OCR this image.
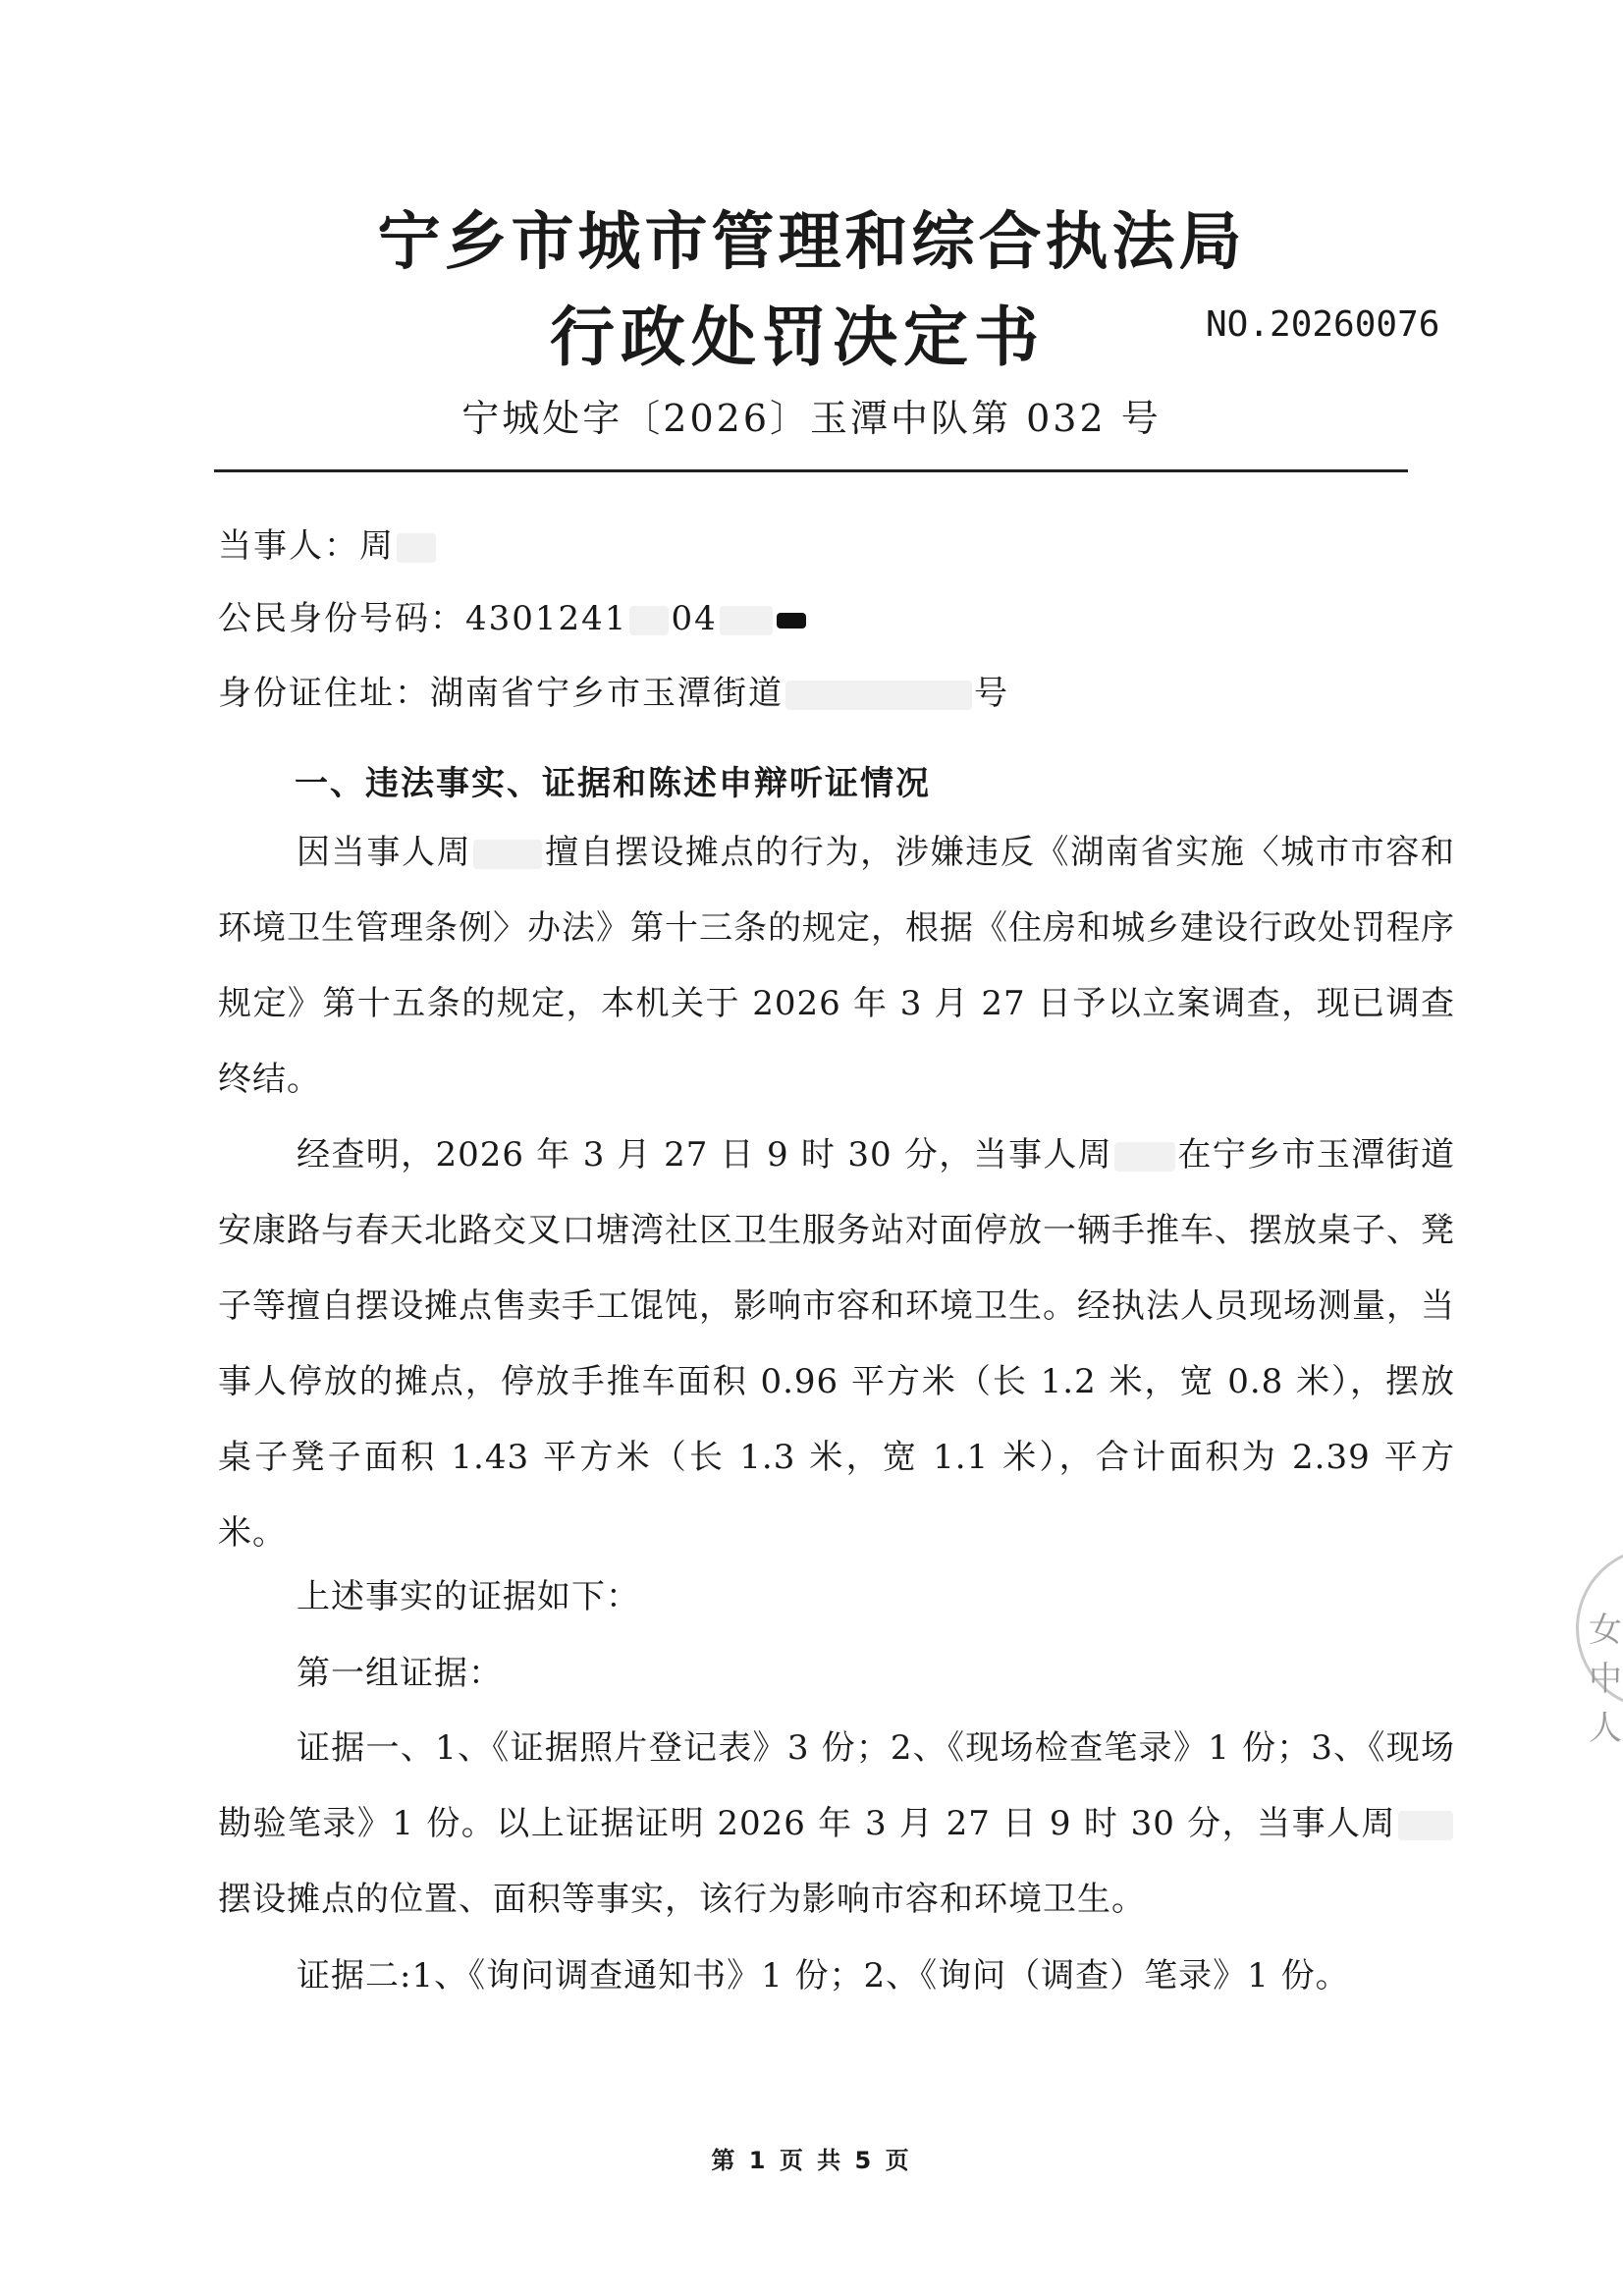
宁乡市城市管理和综合执法局
行政处罚决定书	NO.20260076
宁城处字〔2026〕玉潭中队第 032 号
当事人：周
公民身份号码：4301241 04
身份证住址：湖南省宁乡市玉潭街道	号
一、违法事实、证据和陈述申辩听证情况
因当事人周 擅自摆设摊点的行为，涉嫌违反《湖南省实施〈城市市容和环境卫生管理条例〉办法》第十三条的规定，根据《住房和城乡建设行政处罚程序规定》第十五条的规定，本机关于 2026 年 3 月 27 日予以立案调查，现已调查终结。
经查明，2026 年 3 月 27 日 9 时 30 分，当事人周 在宁乡市玉潭街道安康路与春天北路交叉口塘湾社区卫生服务站对面停放一辆手推车、摆放桌子、凳子等擅自摆设摊点售卖手工馄饨，影响市容和环境卫生。经执法人员现场测量，当事人停放的摊点，停放手推车面积 0.96 平方米（长 1.2 米，宽 0.8 米），摆放桌子凳子面积 1.43 平方米（长 1.3 米，宽 1.1 米），合计面积为 2.39 平方米。
上述事实的证据如下：
第一组证据：
证据一、1、《证据照片登记表》3 份；2、《现场检查笔录》1 份；3、《现场勘验笔录》1 份。以上证据证明 2026 年 3 月 27 日 9 时 30 分，当事人周摆设摊点的位置、面积等事实，该行为影响市容和环境卫生。
证据二:1、《询问调查通知书》1 份；2、《询问（调查）笔录》1 份。
第 1 页 共 5 页
女
中
人
